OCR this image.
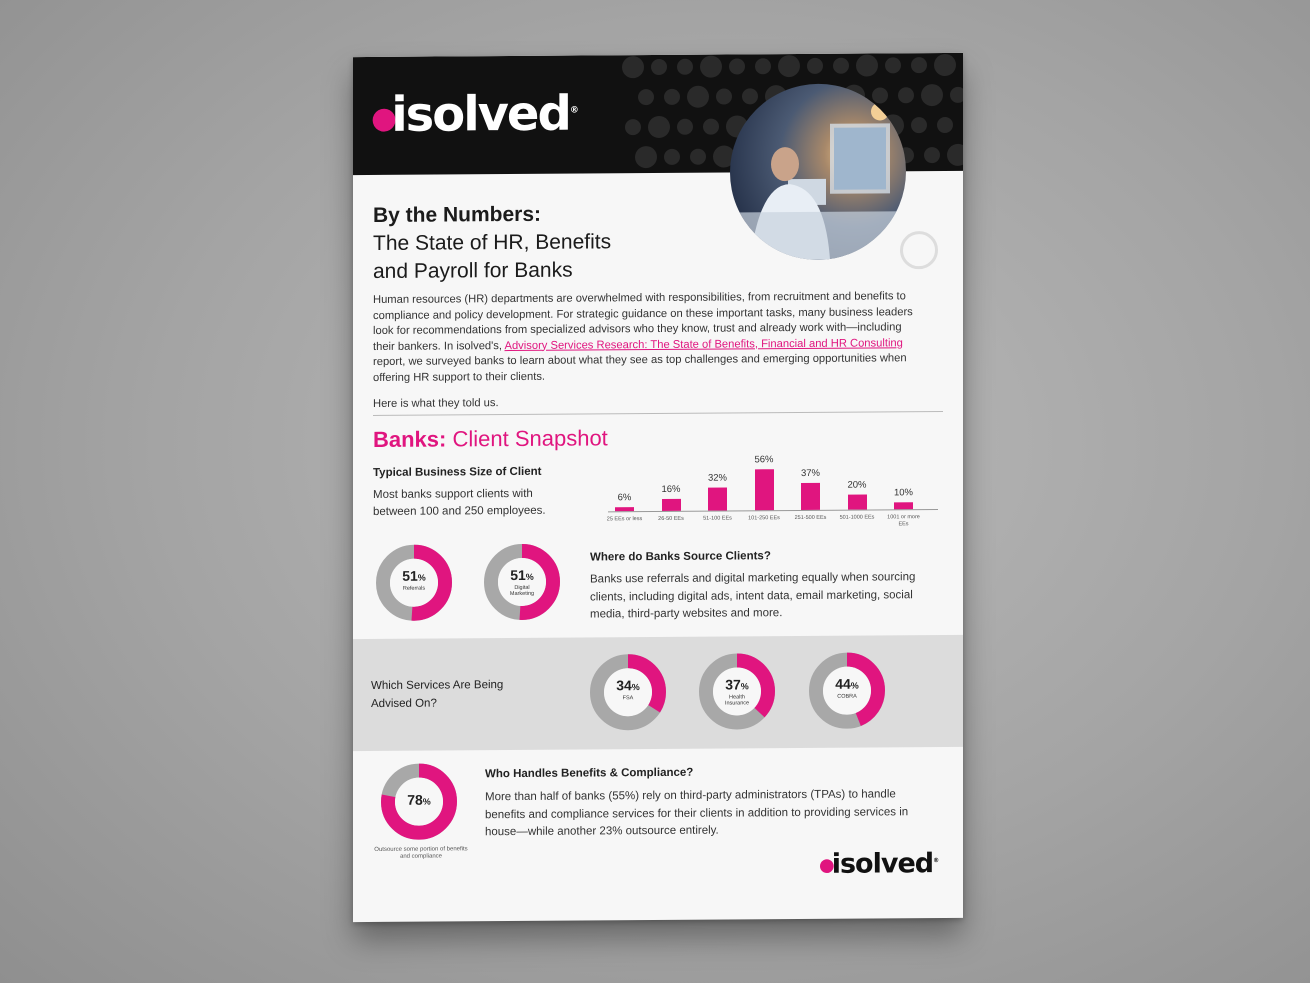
●isolved®
By the Numbers:
The State of HR, Benefits
and Payroll for Banks
Human resources (HR) departments are overwhelmed with responsibilities, from recruitment and benefits to compliance and policy development. For strategic guidance on these important tasks, many business leaders look for recommendations from specialized advisors who they know, trust and already work with—including their bankers. In isolved's, Advisory Services Research: The State of Benefits, Financial and HR Consulting report, we surveyed banks to learn about what they see as top challenges and emerging opportunities when offering HR support to their clients.
Here is what they told us.
Banks: Client Snapshot
Typical Business Size of Client
Most banks support clients with between 100 and 250 employees.
6%
25 EEs or less
16%
26-50 EEs
32%
51-100 EEs
56%
101-250 EEs
37%
251-500 EEs
20%
501-1000 EEs
10%
1001 or more EEs
51%
Referrals
51%
Digital Marketing
Where do Banks Source Clients?
Banks use referrals and digital marketing equally when sourcing clients, including digital ads, intent data, email marketing, social media, third-party websites and more.
Which Services Are Being Advised On?
34%
FSA
37%
Health Insurance
44%
COBRA
78%
Outsource some portion of benefits and compliance
Who Handles Benefits & Compliance?
More than half of banks (55%) rely on third-party administrators (TPAs) to handle benefits and compliance services for their clients in addition to providing services in house—while another 23% outsource entirely.
●isolved®
